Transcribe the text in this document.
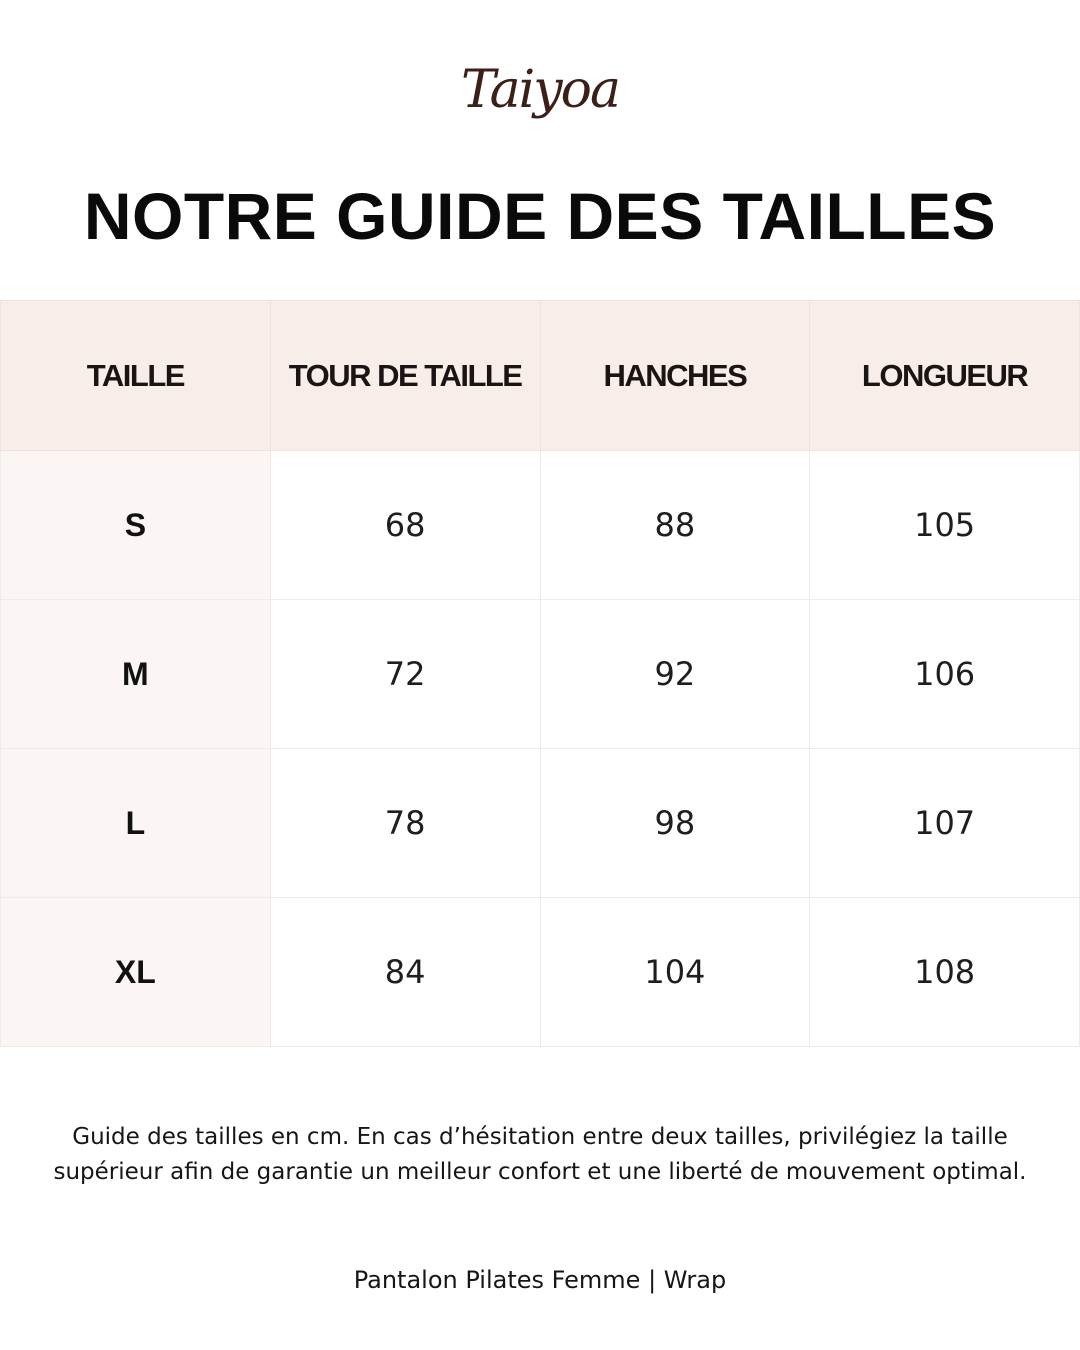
Taiyoa
NOTRE GUIDE DES TAILLES
TAILLE	TOUR DE TAILLE	HANCHES	LONGUEUR
S	68	88	105
M	72	92	106
L	78	98	107
XL	84	104	108
Guide des tailles en cm. En cas d’hésitation entre deux tailles, privilégiez la taille
supérieur afin de garantie un meilleur confort et une liberté de mouvement optimal.
Pantalon Pilates Femme | Wrap
